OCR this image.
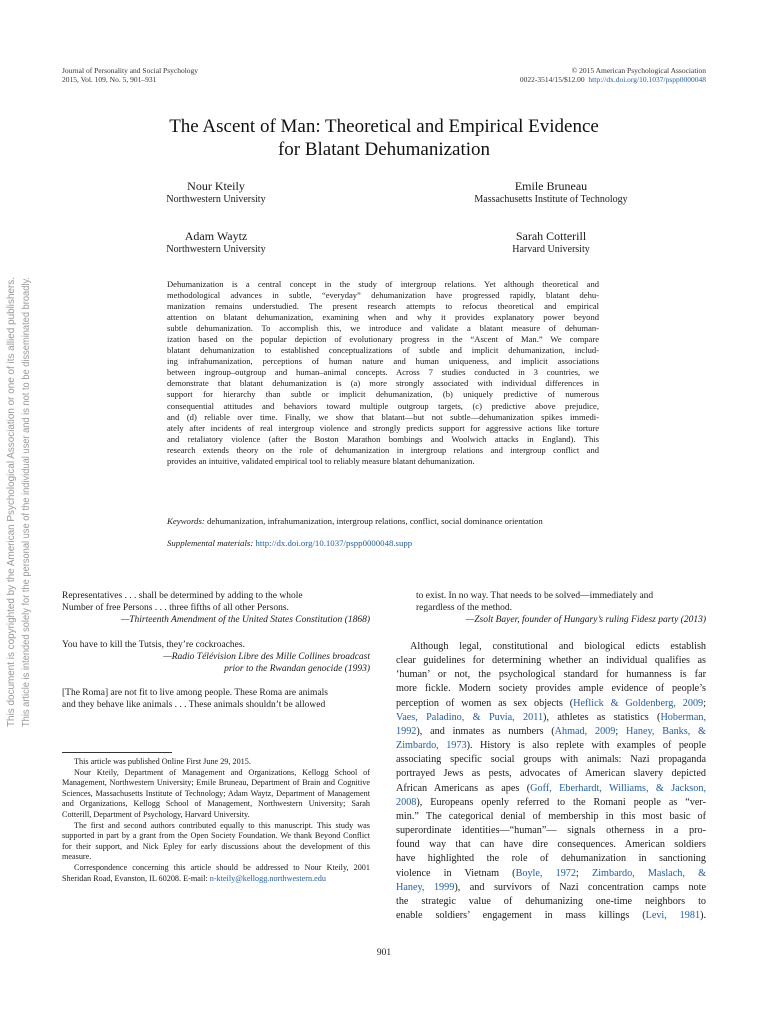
This document is copyrighted by the American Psychological Association or one of its allied publishers. This article is intended solely for the personal use of the individual user and is not to be disseminated broadly.
Journal of Personality and Social Psychology
2015, Vol. 109, No. 5, 901–931
© 2015 American Psychological Association
0022-3514/15/$12.00 http://dx.doi.org/10.1037/pspp0000048
The Ascent of Man: Theoretical and Empirical Evidence
for Blatant Dehumanization
Nour Kteily
Northwestern University
Emile Bruneau
Massachusetts Institute of Technology
Adam Waytz
Northwestern University
Sarah Cotterill
Harvard University
Dehumanization is a central concept in the study of intergroup relations. Yet although theoretical and
methodological advances in subtle, “everyday” dehumanization have progressed rapidly, blatant dehu-
manization remains understudied. The present research attempts to refocus theoretical and empirical
attention on blatant dehumanization, examining when and why it provides explanatory power beyond
subtle dehumanization. To accomplish this, we introduce and validate a blatant measure of dehuman-
ization based on the popular depiction of evolutionary progress in the “Ascent of Man.” We compare
blatant dehumanization to established conceptualizations of subtle and implicit dehumanization, includ-
ing infrahumanization, perceptions of human nature and human uniqueness, and implicit associations
between ingroup–outgroup and human–animal concepts. Across 7 studies conducted in 3 countries, we
demonstrate that blatant dehumanization is (a) more strongly associated with individual differences in
support for hierarchy than subtle or implicit dehumanization, (b) uniquely predictive of numerous
consequential attitudes and behaviors toward multiple outgroup targets, (c) predictive above prejudice,
and (d) reliable over time. Finally, we show that blatant—but not subtle—dehumanization spikes immedi-
ately after incidents of real intergroup violence and strongly predicts support for aggressive actions like torture
and retaliatory violence (after the Boston Marathon bombings and Woolwich attacks in England). This
research extends theory on the role of dehumanization in intergroup relations and intergroup conflict and
provides an intuitive, validated empirical tool to reliably measure blatant dehumanization.
Keywords: dehumanization, infrahumanization, intergroup relations, conflict, social dominance orientation
Supplemental materials: http://dx.doi.org/10.1037/pspp0000048.supp
Representatives . . . shall be determined by adding to the whole
Number of free Persons . . . three fifths of all other Persons.
—Thirteenth Amendment of the United States Constitution (1868)
You have to kill the Tutsis, they’re cockroaches.
—Radio Télévision Libre des Mille Collines broadcast
prior to the Rwandan genocide (1993)
[The Roma] are not fit to live among people. These Roma are animals
and they behave like animals . . . These animals shouldn’t be allowed

This article was published Online First June 29, 2015.

Nour Kteily, Department of Management and Organizations, Kellogg School of Management, Northwestern University; Emile Bruneau, Department of Brain and Cognitive Sciences, Massachusetts Institute of Technology; Adam Waytz, Department of Management and Organizations, Kellogg School of Management, Northwestern University; Sarah Cotterill, Department of Psychology, Harvard University.

The first and second authors contributed equally to this manuscript. This study was supported in part by a grant from the Open Society Foundation. We thank Beyond Conflict for their support, and Nick Epley for early discussions about the development of this measure.

Correspondence concerning this article should be addressed to Nour Kteily, 2001 Sheridan Road, Evanston, IL 60208. E-mail: n-kteily@kellogg.northwestern.edu

to exist. In no way. That needs to be solved—immediately and
regardless of the method.
—Zsolt Bayer, founder of Hungary’s ruling Fidesz party (2013)
Although legal, constitutional and biological edicts establish
clear guidelines for determining whether an individual qualifies as
‘human’ or not, the psychological standard for humanness is far
more fickle. Modern society provides ample evidence of people’s
perception of women as sex objects (Heflick & Goldenberg, 2009;
Vaes, Paladino, & Puvia, 2011), athletes as statistics (Hoberman,
1992), and inmates as numbers (Ahmad, 2009; Haney, Banks, &
Zimbardo, 1973). History is also replete with examples of people
associating specific social groups with animals: Nazi propaganda
portrayed Jews as pests, advocates of American slavery depicted
African Americans as apes (Goff, Eberhardt, Williams, & Jackson,
2008), Europeans openly referred to the Romani people as “ver-
min.” The categorical denial of membership in this most basic of
superordinate identities—“human”— signals otherness in a pro-
found way that can have dire consequences. American soldiers
have highlighted the role of dehumanization in sanctioning
violence in Vietnam (Boyle, 1972; Zimbardo, Maslach, &
Haney, 1999), and survivors of Nazi concentration camps note
the strategic value of dehumanizing one-time neighbors to
enable soldiers’ engagement in mass killings (Levi, 1981).
901
